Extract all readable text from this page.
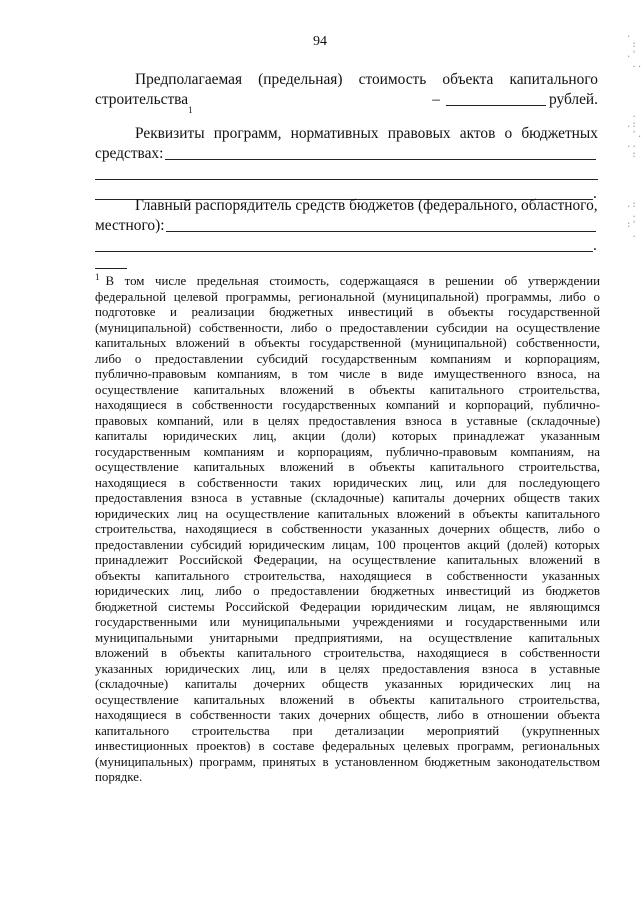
94
Предполагаемая (предельная) стоимость объекта капитального
строительства
1
–	рублей.
Реквизиты программ, нормативных правовых актов о бюджетных
средствах:
.
Главный распорядитель средств бюджетов (федерального, областного,
местного):
.
$^1$ В том числе предельная стоимость, содержащаяся в решении об утверждении
федеральной целевой программы, региональной (муниципальной) программы, либо о
подготовке и реализации бюджетных инвестиций в объекты государственной
(муниципальной) собственности, либо о предоставлении субсидии на осуществление
капитальных вложений в объекты государственной (муниципальной) собственности,
либо о предоставлении субсидий государственным компаниям и корпорациям,
публично-правовым компаниям, в том числе в виде имущественного взноса, на
осуществление капитальных вложений в объекты капитального строительства,
находящиеся в собственности государственных компаний и корпораций, публично-
правовых компаний, или в целях предоставления взноса в уставные (складочные)
капиталы юридических лиц, акции (доли) которых принадлежат указанным
государственным компаниям и корпорациям, публично-правовым компаниям, на
осуществление капитальных вложений в объекты капитального строительства,
находящиеся в собственности таких юридических лиц, или для последующего
предоставления взноса в уставные (складочные) капиталы дочерних обществ таких
юридических лиц на осуществление капитальных вложений в объекты капитального
строительства, находящиеся в собственности указанных дочерних обществ, либо о
предоставлении субсидий юридическим лицам, 100 процентов акций (долей) которых
принадлежит Российской Федерации, на осуществление капитальных вложений в
объекты капитального строительства, находящиеся в собственности указанных
юридических лиц, либо о предоставлении бюджетных инвестиций из бюджетов
бюджетной системы Российской Федерации юридическим лицам, не являющимся
государственными или муниципальными учреждениями и государственными или
муниципальными унитарными предприятиями, на осуществление капитальных
вложений в объекты капитального строительства, находящиеся в собственности
указанных юридических лиц, или в целях предоставления взноса в уставные
(складочные) капиталы дочерних обществ указанных юридических лиц на
осуществление капитальных вложений в объекты капитального строительства,
находящиеся в собственности таких дочерних обществ, либо в отношении объекта
капитального строительства при детализации мероприятий (укрупненных
инвестиционных проектов) в составе федеральных целевых программ, региональных
(муниципальных) программ, принятых в установленном бюджетным законодательством
порядке.
.
:
.'
..
.
.:
'.
..
:
.:
.
:'
.
